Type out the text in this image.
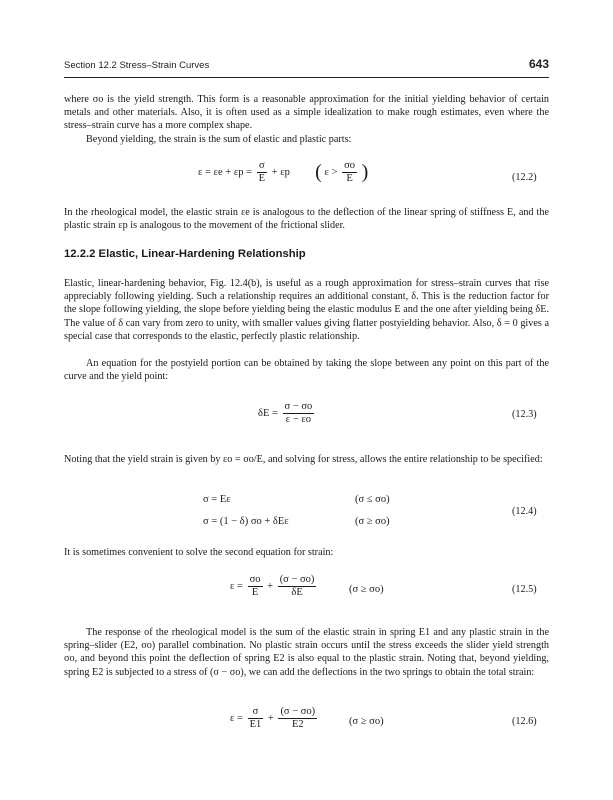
Section 12.2 Stress–Strain Curves	643
where σo is the yield strength. This form is a reasonable approximation for the initial yielding behavior of certain metals and other materials. Also, it is often used as a simple idealization to make rough estimates, even where the stress–strain curve has a more complex shape.
Beyond yielding, the strain is the sum of elastic and plastic parts:
$\varepsilon = \varepsilon e + \varepsilon p = \frac{\sigma}{E} + \varepsilon p$ ( $\varepsilon > \frac{\sigma o}{E}$ )	(12.2)
In the rheological model, the elastic strain εe is analogous to the deflection of the linear spring of stiffness E, and the plastic strain εp is analogous to the movement of the frictional slider.
12.2.2 Elastic, Linear-Hardening Relationship
Elastic, linear-hardening behavior, Fig. 12.4(b), is useful as a rough approximation for stress–strain curves that rise appreciably following yielding. Such a relationship requires an additional constant, δ. This is the reduction factor for the slope following yielding, the slope before yielding being the elastic modulus E and the one after yielding being δE. The value of δ can vary from zero to unity, with smaller values giving flatter postyielding behavior. Also, δ = 0 gives a special case that corresponds to the elastic, perfectly plastic relationship.
An equation for the postyield portion can be obtained by taking the slope between any point on this part of the curve and the yield point:
$\delta E = \frac{\sigma - \sigma o}{\varepsilon - \varepsilon o}$	(12.3)
Noting that the yield strain is given by εo = σo/E, and solving for stress, allows the entire relationship to be specified:
σ = Eε	(σ ≤ σo)
σ = (1 − δ) σo + δEε	(σ ≥ σo)
(12.4)
It is sometimes convenient to solve the second equation for strain:
$\varepsilon = \frac{\sigma o}{E} + \frac{(\sigma - \sigma o)}{\delta E}$	(σ ≥ σo)	(12.5)
The response of the rheological model is the sum of the elastic strain in spring E1 and any plastic strain in the spring–slider (E2, σo) parallel combination. No plastic strain occurs until the stress exceeds the slider yield strength σo, and beyond this point the deflection of spring E2 is also equal to the plastic strain. Noting that, beyond yielding, spring E2 is subjected to a stress of (σ − σo), we can add the deflections in the two springs to obtain the total strain:
$\varepsilon = \frac{\sigma}{E1} + \frac{(\sigma - \sigma o)}{E2}$	(σ ≥ σo)	(12.6)
